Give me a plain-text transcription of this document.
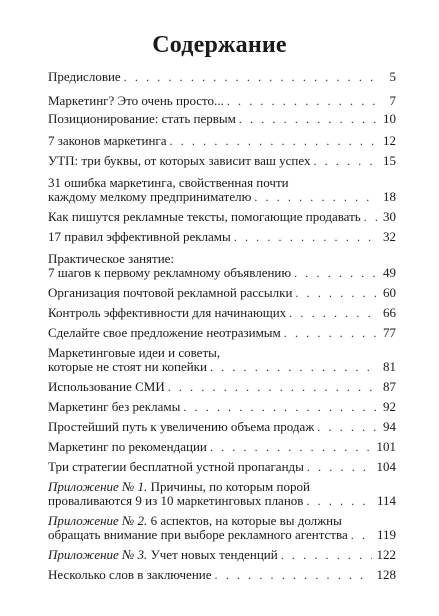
Содержание
Предисловие . . .	5
Маркетинг? Это очень просто... . . .	7
Позиционирование: стать первым . . .	10
7 законов маркетинга . . .	12
УТП: три буквы, от которых зависит ваш успех . . .	15
31 ошибка маркетинга, свойственная почти
каждому мелкому предпринимателю . . .	18
Как пишутся рекламные тексты, помогающие продавать . . . 30
17 правил эффективной рекламы . . .	32
Практическое занятие:
7 шагов к первому рекламному объявлению . . .	49
Организация почтовой рекламной рассылки . . .	60
Контроль эффективности для начинающих . . .	66
Сделайте свое предложение неотразимым . . .	77
Маркетинговые идеи и советы,
которые не стоят ни копейки . . .	81
Использование СМИ . . .	87
Маркетинг без рекламы . . .	92
Простейший путь к увеличению объема продаж . . .	94
Маркетинг по рекомендации . . .	101
Три стратегии бесплатной устной пропаганды . . .	104
Приложение № 1. Причины, по которым порой
проваливаются 9 из 10 маркетинговых планов . . .	114
Приложение № 2. 6 аспектов, на которые вы должны
обращать внимание при выборе рекламного агентства . . . 119
Приложение № 3. Учет новых тенденций . . .	122
Несколько слов в заключение . . .	128
